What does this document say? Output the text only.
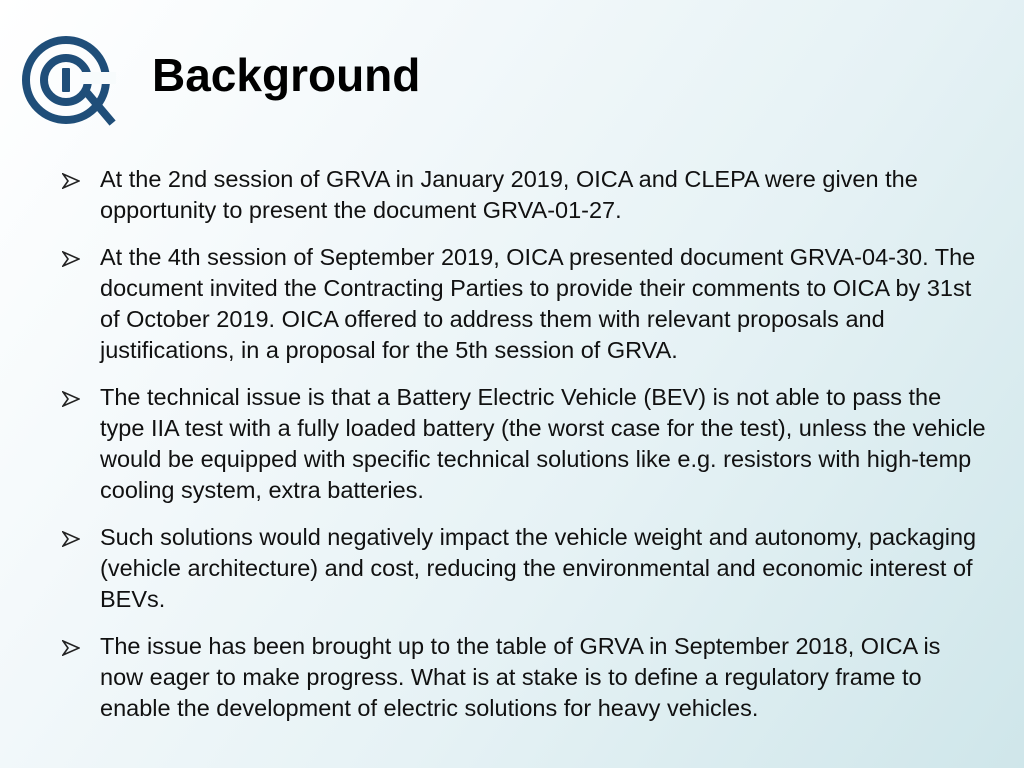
Background
At the 2nd session of GRVA in January 2019, OICA and CLEPA were given the opportunity to present the document GRVA-01-27.
At the 4th session of September 2019, OICA presented document GRVA-04-30. The document invited the Contracting Parties to provide their comments to OICA by 31st of October 2019. OICA offered to address them with relevant proposals and justifications, in a proposal for the 5th session of GRVA.
The technical issue is that a Battery Electric Vehicle (BEV) is not able to pass the type IIA test with a fully loaded battery (the worst case for the test), unless the vehicle would be equipped with specific technical solutions like e.g. resistors with high-temp cooling system, extra batteries.
Such solutions would negatively impact the vehicle weight and autonomy, packaging (vehicle architecture) and cost, reducing the environmental and economic interest of BEVs.
The issue has been brought up to the table of GRVA in September 2018, OICA is now eager to make progress. What is at stake is to define a regulatory frame to enable the development of electric solutions for heavy vehicles.
